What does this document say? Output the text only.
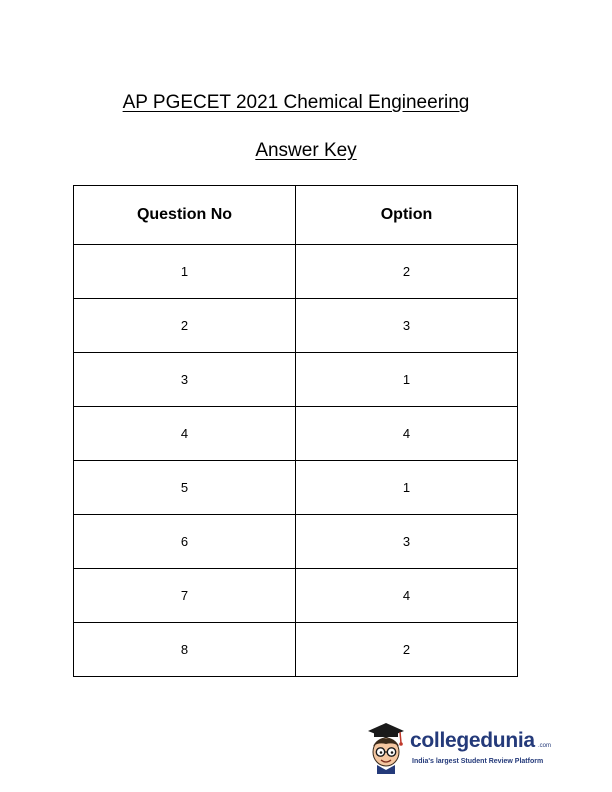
AP PGECET 2021 Chemical Engineering
Answer Key
Question No	Option
1	2
2	3
3	1
4	4
5	1
6	3
7	4
8	2
collegedunia .com
India's largest Student Review Platform
